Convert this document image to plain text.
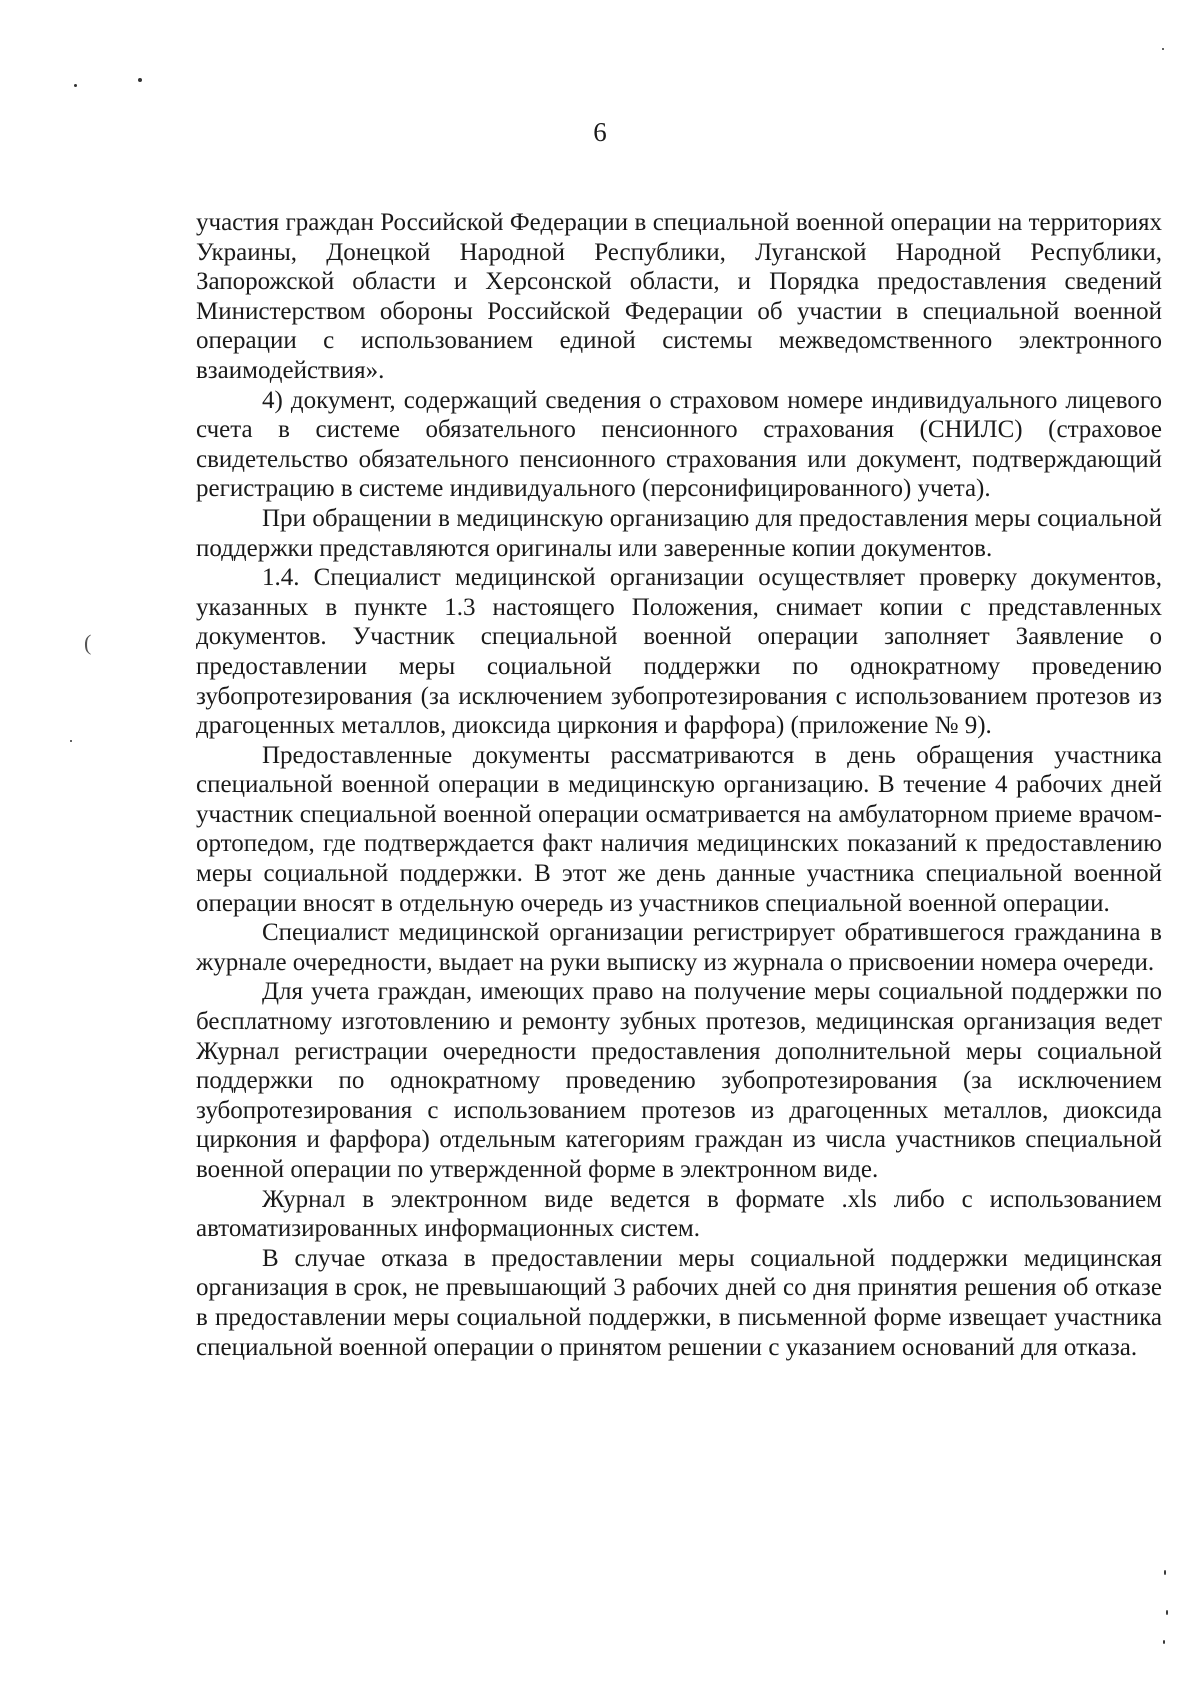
(
6

участия граждан Российской Федерации в специальной военной операции на территориях Украины, Донецкой Народной Республики, Луганской Народной Республики, Запорожской области и Херсонской области, и Порядка предоставления сведений Министерством обороны Российской Федерации об участии в специальной военной операции с использованием единой системы межведомственного электронного взаимодействия».

4) документ, содержащий сведения о страховом номере индивидуального лицевого счета в системе обязательного пенсионного страхования (СНИЛС) (страховое свидетельство обязательного пенсионного страхования или документ, подтверждающий регистрацию в системе индивидуального (персонифицированного) учета).

При обращении в медицинскую организацию для предоставления меры социальной поддержки представляются оригиналы или заверенные копии документов.

1.4. Специалист медицинской организации осуществляет проверку документов, указанных в пункте 1.3 настоящего Положения, снимает копии с представленных документов. Участник специальной военной операции заполняет Заявление о предоставлении меры социальной поддержки по однократному проведению зубопротезирования (за исключением зубопротезирования с использованием протезов из драгоценных металлов, диоксида циркония и фарфора) (приложение № 9).

Предоставленные документы рассматриваются в день обращения участника специальной военной операции в медицинскую организацию. В течение 4 рабочих дней участник специальной военной операции осматривается на амбулаторном приеме врачом-ортопедом, где подтверждается факт наличия медицинских показаний к предоставлению меры социальной поддержки. В этот же день данные участника специальной военной операции вносят в отдельную очередь из участников специальной военной операции.

Специалист медицинской организации регистрирует обратившегося гражданина в журнале очередности, выдает на руки выписку из журнала о присвоении номера очереди.

Для учета граждан, имеющих право на получение меры социальной поддержки по бесплатному изготовлению и ремонту зубных протезов, медицинская организация ведет Журнал регистрации очередности предоставления дополнительной меры социальной поддержки по однократному проведению зубопротезирования (за исключением зубопротезирования с использованием протезов из драгоценных металлов, диоксида циркония и фарфора) отдельным категориям граждан из числа участников специальной военной операции по утвержденной форме в электронном виде.

Журнал в электронном виде ведется в формате .xls либо с использованием автоматизированных информационных систем.

В случае отказа в предоставлении меры социальной поддержки медицинская организация в срок, не превышающий 3 рабочих дней со дня принятия решения об отказе в предоставлении меры социальной поддержки, в письменной форме извещает участника специальной военной операции о принятом решении с указанием оснований для отказа.
